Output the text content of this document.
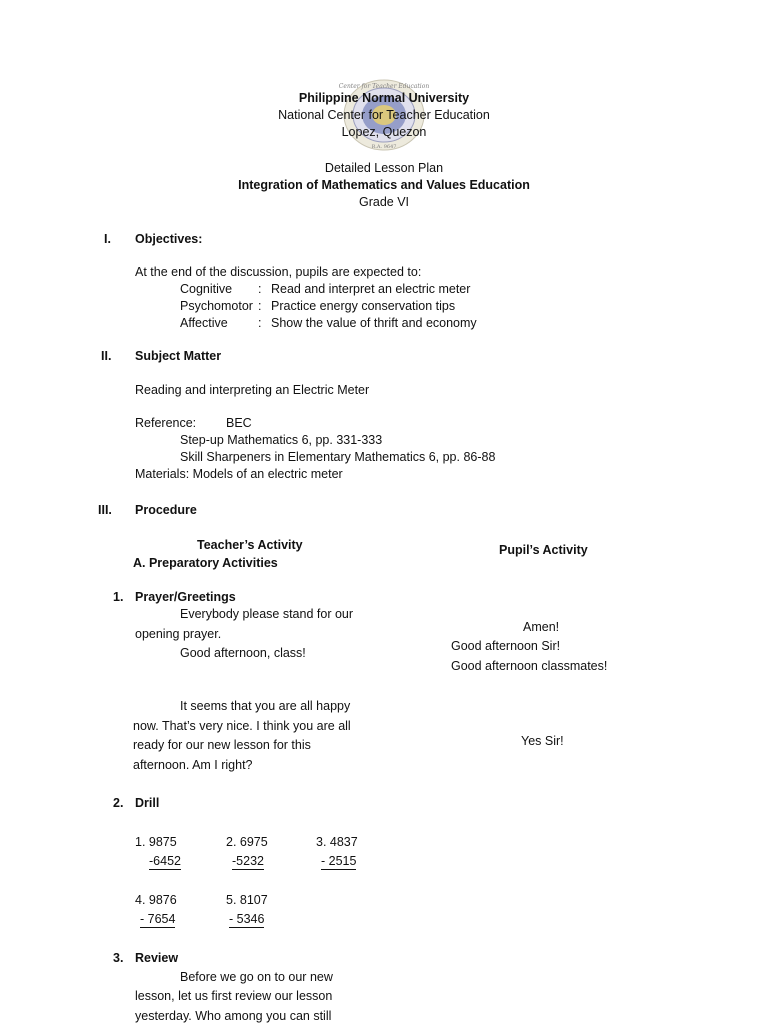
Center for Teacher Education
R.A. 9647
Philippine Normal University
National Center for Teacher Education
Lopez, Quezon
Detailed Lesson Plan
Integration of Mathematics and Values Education
Grade VI
I. Objectives:
At the end of the discussion, pupils are expected to:
Cognitive : Read and interpret an electric meter
Psychomotor : Practice energy conservation tips
Affective : Show the value of thrift and economy
II. Subject Matter
Reading and interpreting an Electric Meter
Reference: BEC
Step-up Mathematics 6, pp. 331-333
Skill Sharpeners in Elementary Mathematics 6, pp. 86-88
Materials: Models of an electric meter
III. Procedure
Teacher’s Activity	Pupil’s Activity
A. Preparatory Activities
1. Prayer/Greetings
Everybody please stand for our
opening prayer.
Good afternoon, class!
Amen!
Good afternoon Sir!
Good afternoon classmates!
It seems that you are all happy
now. That’s very nice. I think you are all
ready for our new lesson for this
afternoon. Am I right?
Yes Sir!
2. Drill
1. 9875
-6452
2. 6975
-5232
3. 4837
- 2515
4. 9876
- 7654
5. 8107
- 5346
3. Review
Before we go on to our new
lesson, let us first review our lesson
yesterday. Who among you can still
